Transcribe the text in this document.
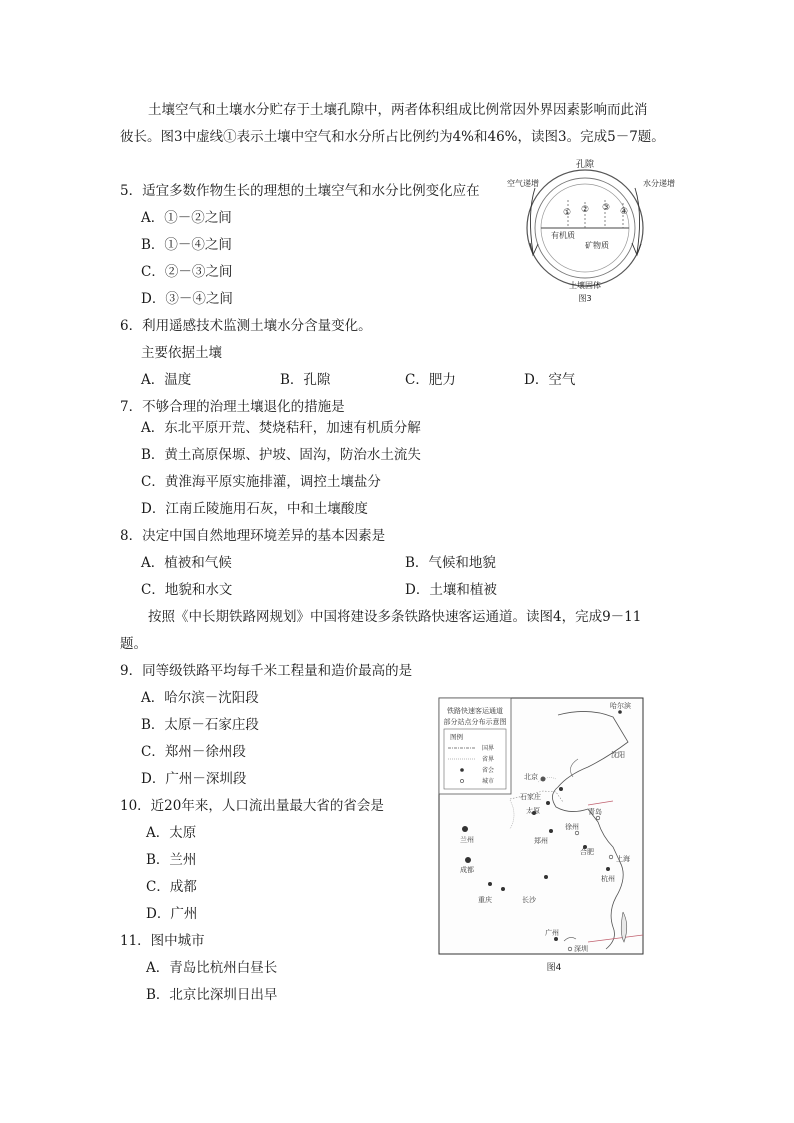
土壤空气和土壤水分贮存于土壤孔隙中，两者体积组成比例常因外界因素影响而此消
彼长。图3中虚线①表示土壤中空气和水分所占比例约为4%和46%，读图3。完成5－7题。
5．适宜多数作物生长的理想的土壤空气和水分比例变化应在
A．①－②之间
B．①－④之间
C．②－③之间
D．③－④之间
6．利用遥感技术监测土壤水分含量变化。
主要依据土壤
A．温度	B．孔隙	C．肥力	D．空气
7．不够合理的治理土壤退化的措施是
A．东北平原开荒、焚烧秸秆，加速有机质分解
B．黄土高原保塬、护坡、固沟，防治水土流失
C．黄淮海平原实施排灌，调控土壤盐分
D．江南丘陵施用石灰，中和土壤酸度
8．决定中国自然地理环境差异的基本因素是
A．植被和气候	B．气候和地貌
C．地貌和水文	D．土壤和植被
按照《中长期铁路网规划》中国将建设多条铁路快速客运通道。读图4，完成9－11
题。
9．同等级铁路平均每千米工程量和造价最高的是
A．哈尔滨－沈阳段
B．太原－石家庄段
C．郑州－徐州段
D．广州－深圳段
10．近20年来，人口流出量最大省的省会是
A．太原
B．兰州
C．成都
D．广州
11．图中城市
A．青岛比杭州白昼长
B．北京比深圳日出早
① ② ③ ④
孔隙
空气递增	水分递增
有机质
矿物质
土壤固体
图3
铁路快速客运通道
部分站点分布示意图
图例
国界
省界
省会
城市
哈尔滨
沈阳
北京
石家庄
太原	青岛
兰州	郑州
徐州
合肥
成都
上海
杭州
重庆	长沙
广州
深圳
图4
